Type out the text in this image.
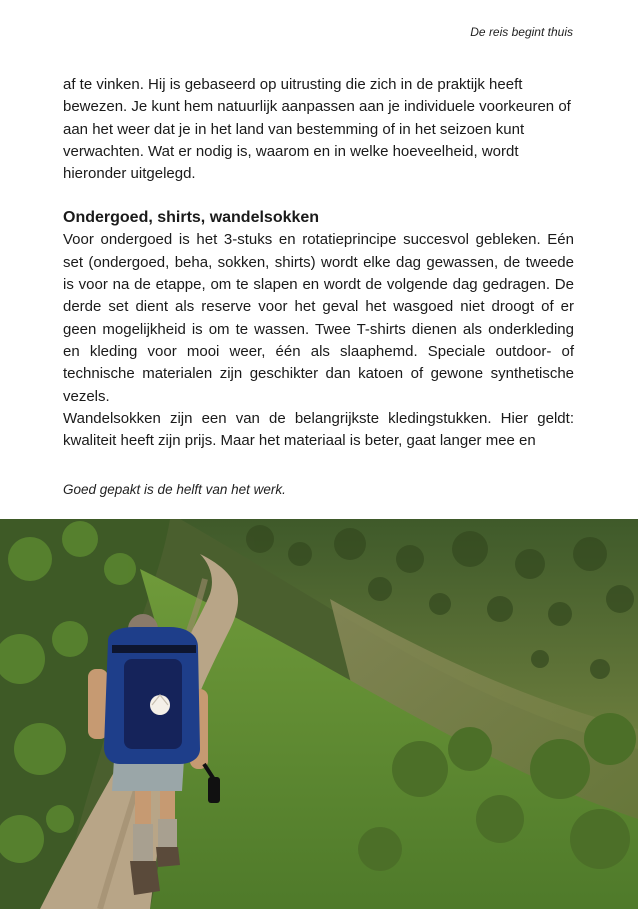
De reis begint thuis

af te vinken. Hij is gebaseerd op uitrusting die zich in de praktijk heeft bewezen. Je kunt hem natuurlijk aanpassen aan je individuele voorkeuren of aan het weer dat je in het land van bestemming of in het seizoen kunt verwachten. Wat er nodig is, waarom en in welke hoeveelheid, wordt hieronder uitgelegd.

Ondergoed, shirts, wandelsokken

Voor ondergoed is het 3-stuks en rotatieprincipe succesvol gebleken. Eén set (ondergoed, beha, sokken, shirts) wordt elke dag gewassen, de tweede is voor na de etappe, om te slapen en wordt de volgende dag gedragen. De derde set dient als reserve voor het geval het wasgoed niet droogt of er geen mogelijkheid is om te wassen. Twee T-shirts dienen als onderkleding en kleding voor mooi weer, één als slaaphemd. Speciale outdoor- of technische materialen zijn geschikter dan katoen of gewone synthetische vezels.

Wandelsokken zijn een van de belangrijkste kledingstukken. Hier geldt: kwaliteit heeft zijn prijs. Maar het materiaal is beter, gaat langer mee en

Goed gepakt is de helft van het werk.
